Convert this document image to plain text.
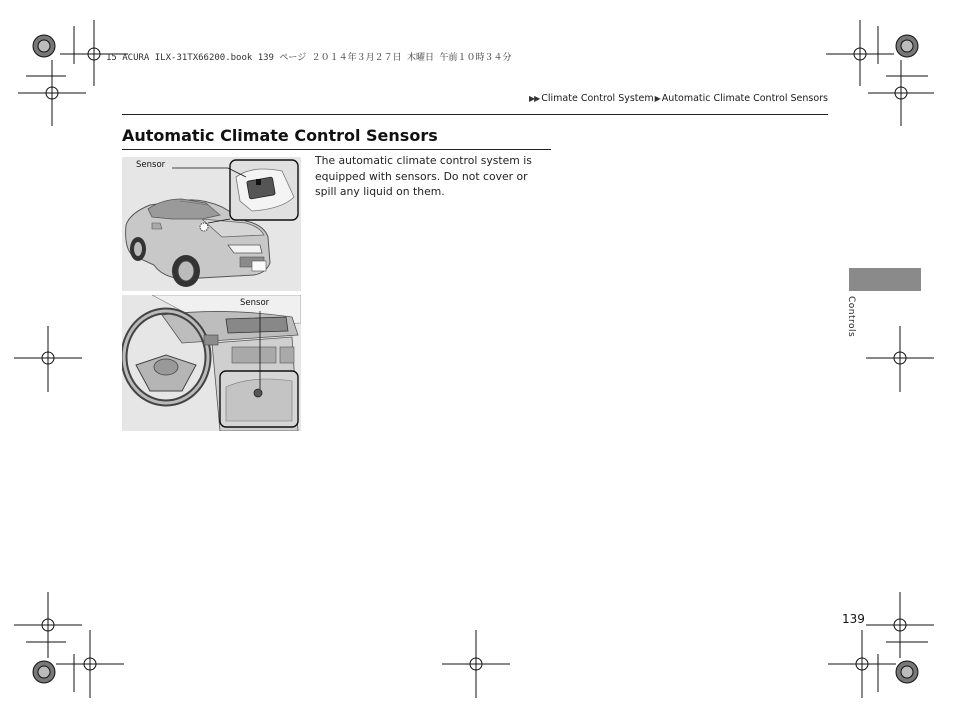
15 ACURA ILX-31TX66200.book 139 ページ ２０１４年３月２７日 木曜日 午前１０時３４分
▶▶ Climate Control System▶Automatic Climate Control Sensors
Automatic Climate Control Sensors
The automatic climate control system is equipped with sensors. Do not cover or spill any liquid on them.
Sensor
Sensor	Controls
139
